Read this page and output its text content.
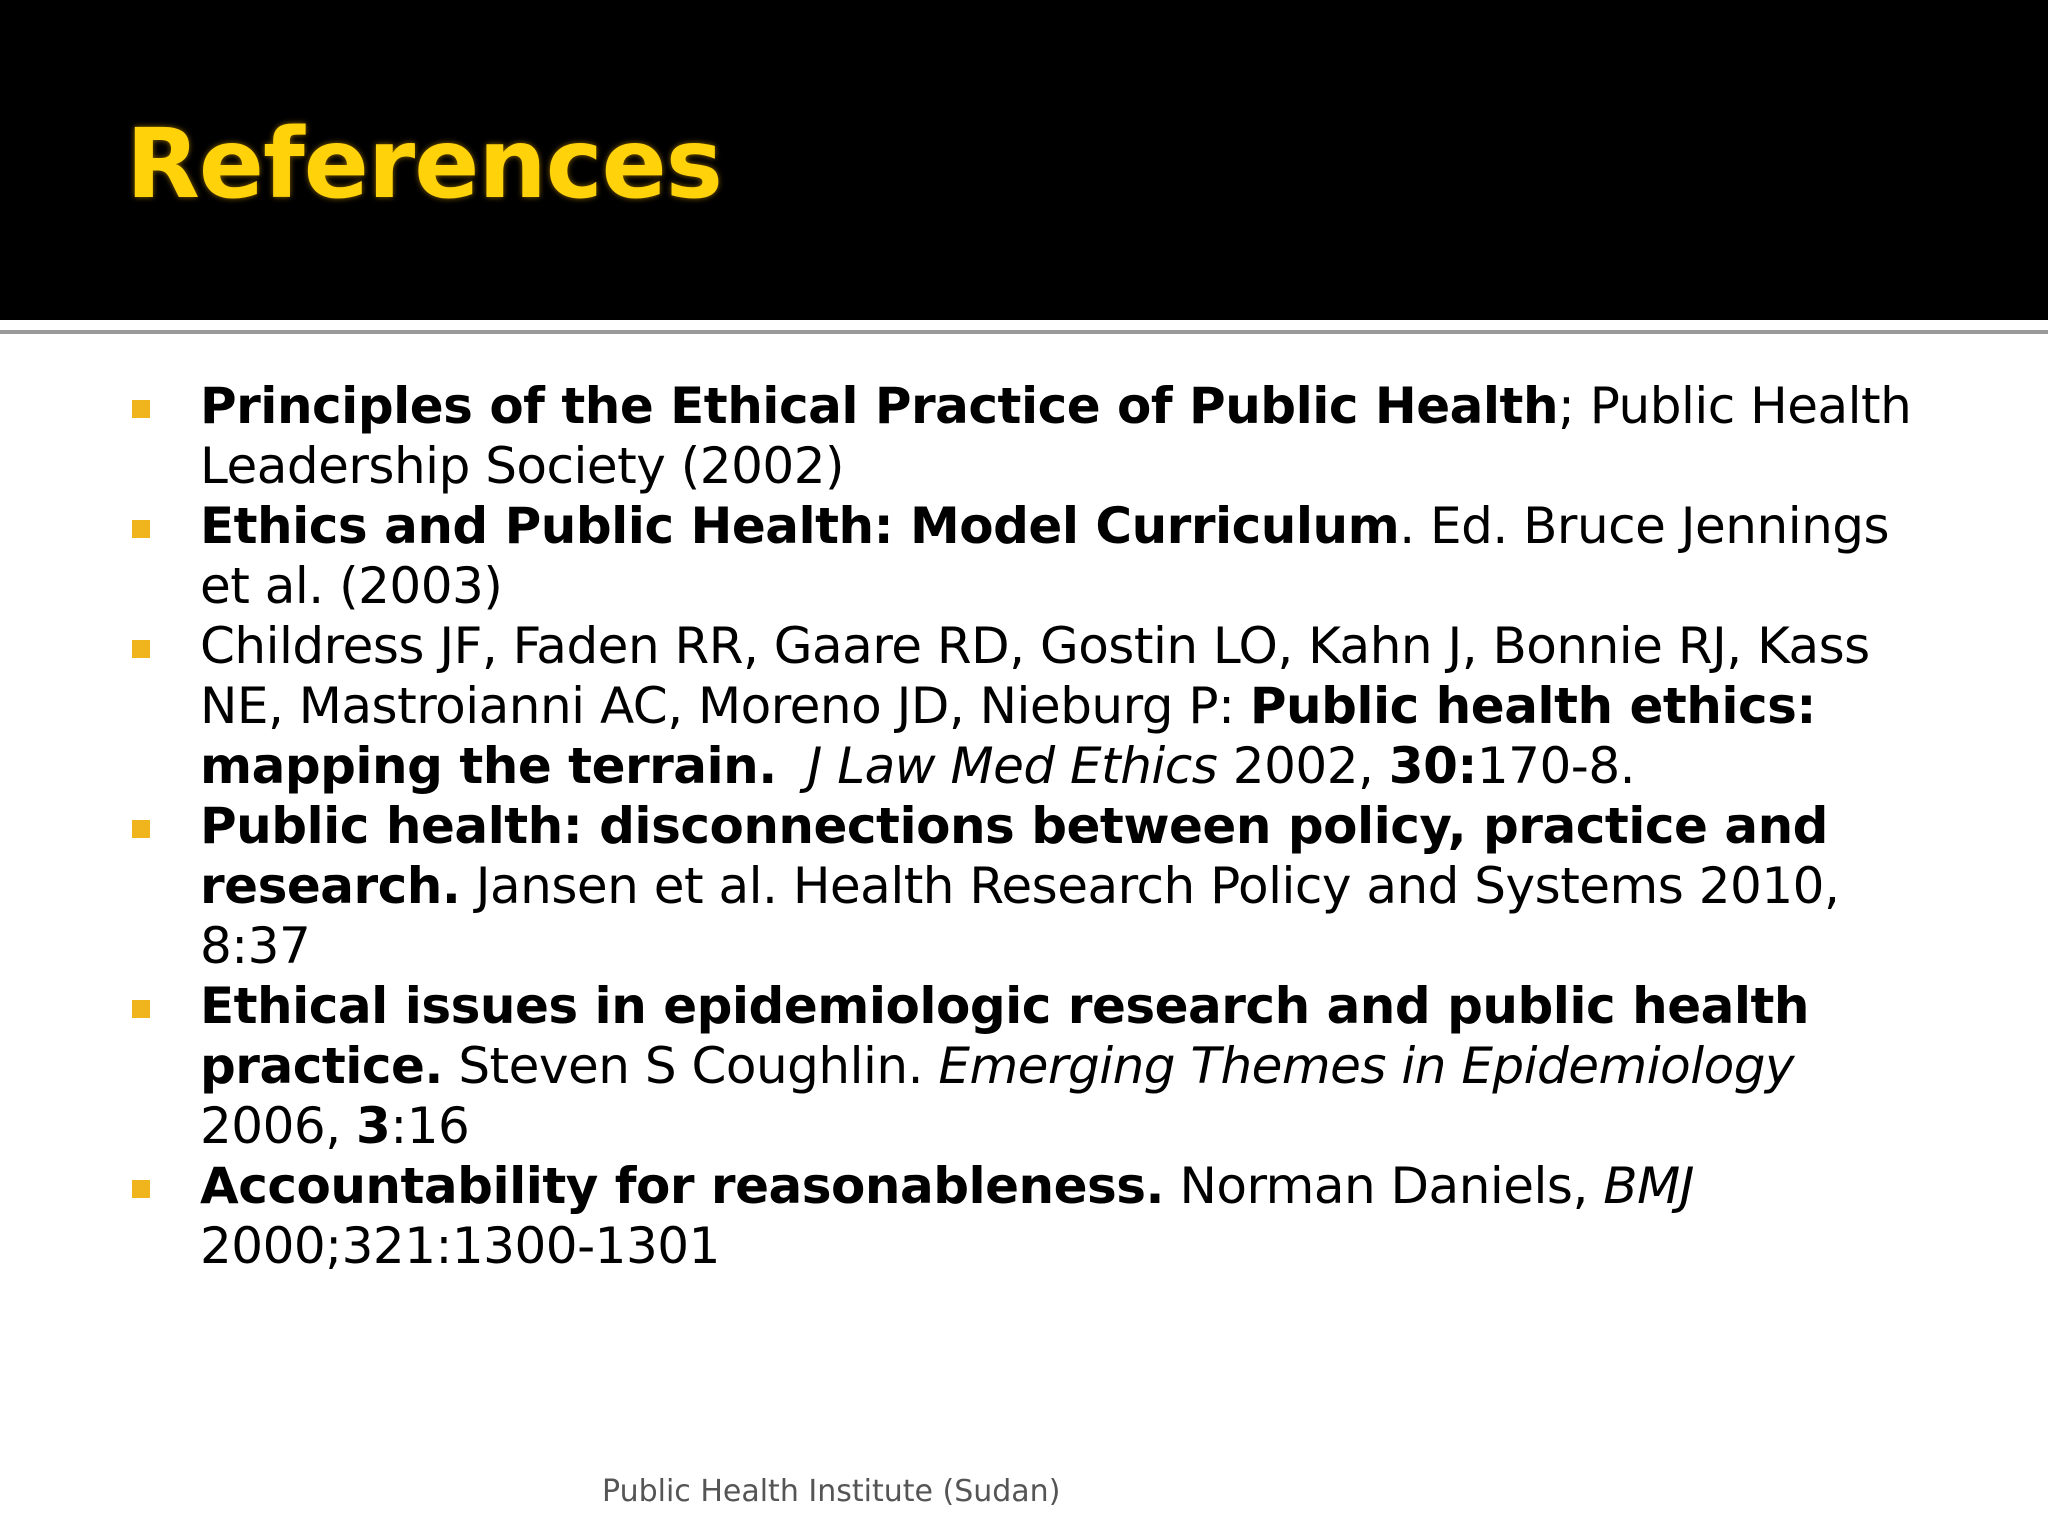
References
Principles of the Ethical Practice of Public Health; Public Health Leadership Society (2002)
Ethics and Public Health: Model Curriculum. Ed. Bruce Jennings et al. (2003)
Childress JF, Faden RR, Gaare RD, Gostin LO, Kahn J, Bonnie RJ, Kass NE, Mastroianni AC, Moreno JD, Nieburg P: Public health ethics: mapping the terrain. J Law Med Ethics 2002, 30:170-8.
Public health: disconnections between policy, practice and research. Jansen et al. Health Research Policy and Systems 2010, 8:37
Ethical issues in epidemiologic research and public health practice. Steven S Coughlin. Emerging Themes in Epidemiology
2006, 3:16
Accountability for reasonableness. Norman Daniels, BMJ
2000;321:1300-1301
Public Health Institute (Sudan)
